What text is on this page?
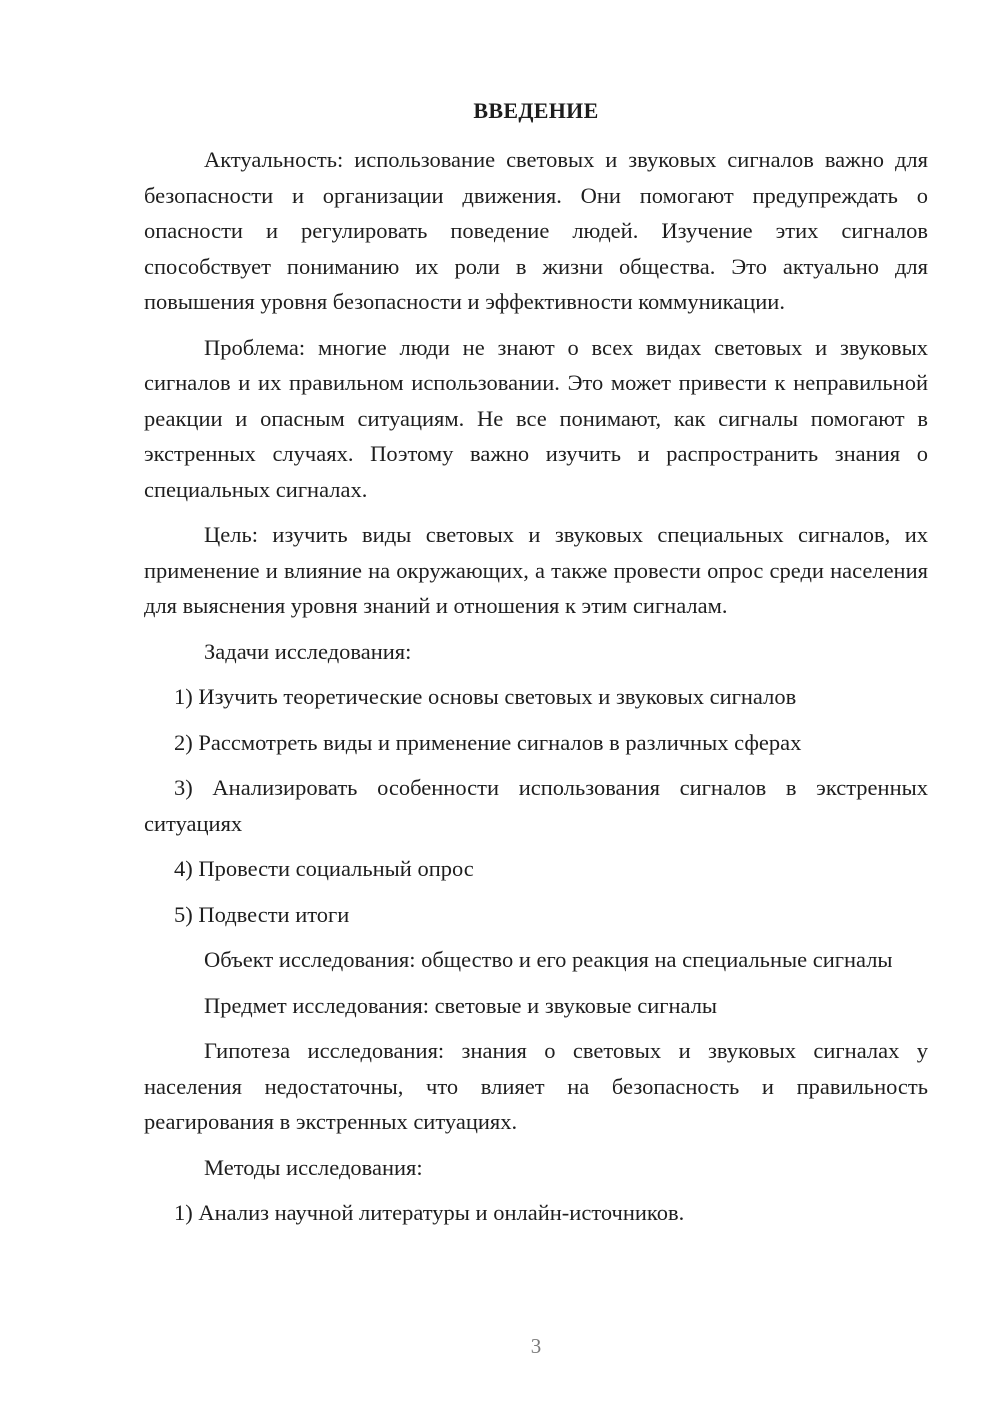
ВВЕДЕНИЕ

Актуальность: использование световых и звуковых сигналов важно для безопасности и организации движения. Они помогают предупреждать о опасности и регулировать поведение людей. Изучение этих сигналов способствует пониманию их роли в жизни общества. Это актуально для повышения уровня безопасности и эффективности коммуникации.

Проблема: многие люди не знают о всех видах световых и звуковых сигналов и их правильном использовании. Это может привести к неправильной реакции и опасным ситуациям. Не все понимают, как сигналы помогают в экстренных случаях. Поэтому важно изучить и распространить знания о специальных сигналах.

Цель: изучить виды световых и звуковых специальных сигналов, их применение и влияние на окружающих, а также провести опрос среди населения для выяснения уровня знаний и отношения к этим сигналам.

Задачи исследования:

1) Изучить теоретические основы световых и звуковых сигналов

2) Рассмотреть виды и применение сигналов в различных сферах

3) Анализировать особенности использования сигналов в экстренных ситуациях

4) Провести социальный опрос

5) Подвести итоги

Объект исследования: общество и его реакция на специальные сигналы

Предмет исследования: световые и звуковые сигналы

Гипотеза исследования: знания о световых и звуковых сигналах у населения недостаточны, что влияет на безопасность и правильность реагирования в экстренных ситуациях.

Методы исследования:

1) Анализ научной литературы и онлайн-источников.

3
